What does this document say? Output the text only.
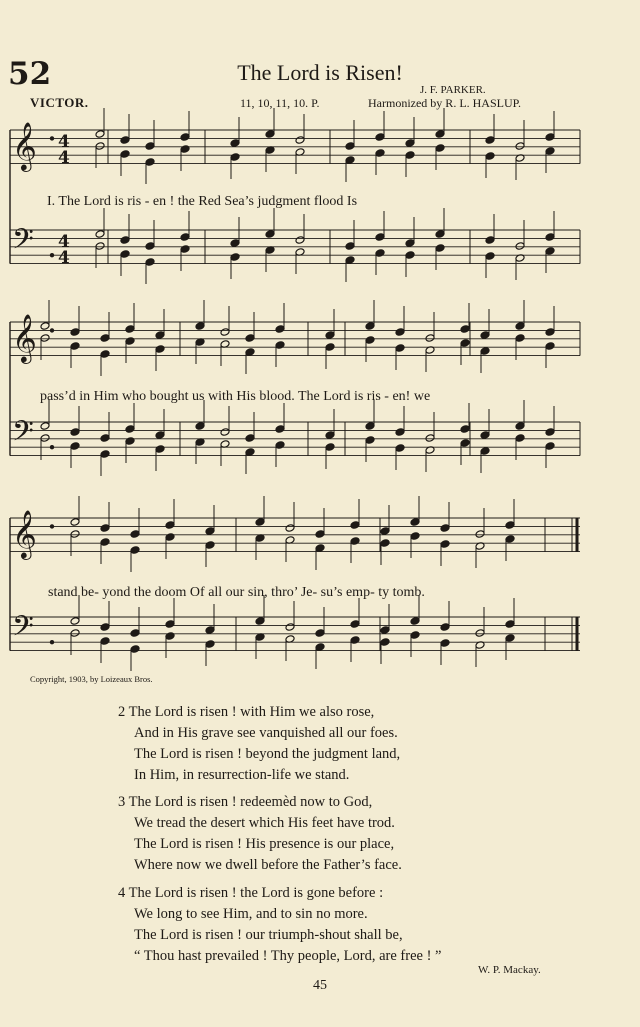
52	The Lord is Risen!
J. F. PARKER.
VICTOR.	11, 10, 11, 10. P.	Harmonized by R. L. HASLUP.
𝄞 4
4
𝄢 4
4
𝄞
𝄢
𝄞
𝄢
I. The Lord is ris - en ! the Red Sea’s judgment flood Is
pass’d in Him who bought us with His blood. The Lord is ris - en! we
stand be- yond the doom Of all our sin, thro’ Je- su’s emp- ty tomb.
Copyright, 1903, by Loizeaux Bros.
2 The Lord is risen ! with Him we also rose,
And in His grave see vanquished all our foes.
The Lord is risen ! beyond the judgment land,
In Him, in resurrection-life we stand.
3 The Lord is risen ! redeemèd now to God,
We tread the desert which His feet have trod.
The Lord is risen ! His presence is our place,
Where now we dwell before the Father’s face.
4 The Lord is risen ! the Lord is gone before :
We long to see Him, and to sin no more.
The Lord is risen ! our triumph-shout shall be,
“ Thou hast prevailed ! Thy people, Lord, are free ! ”
W. P. Mackay.
45
